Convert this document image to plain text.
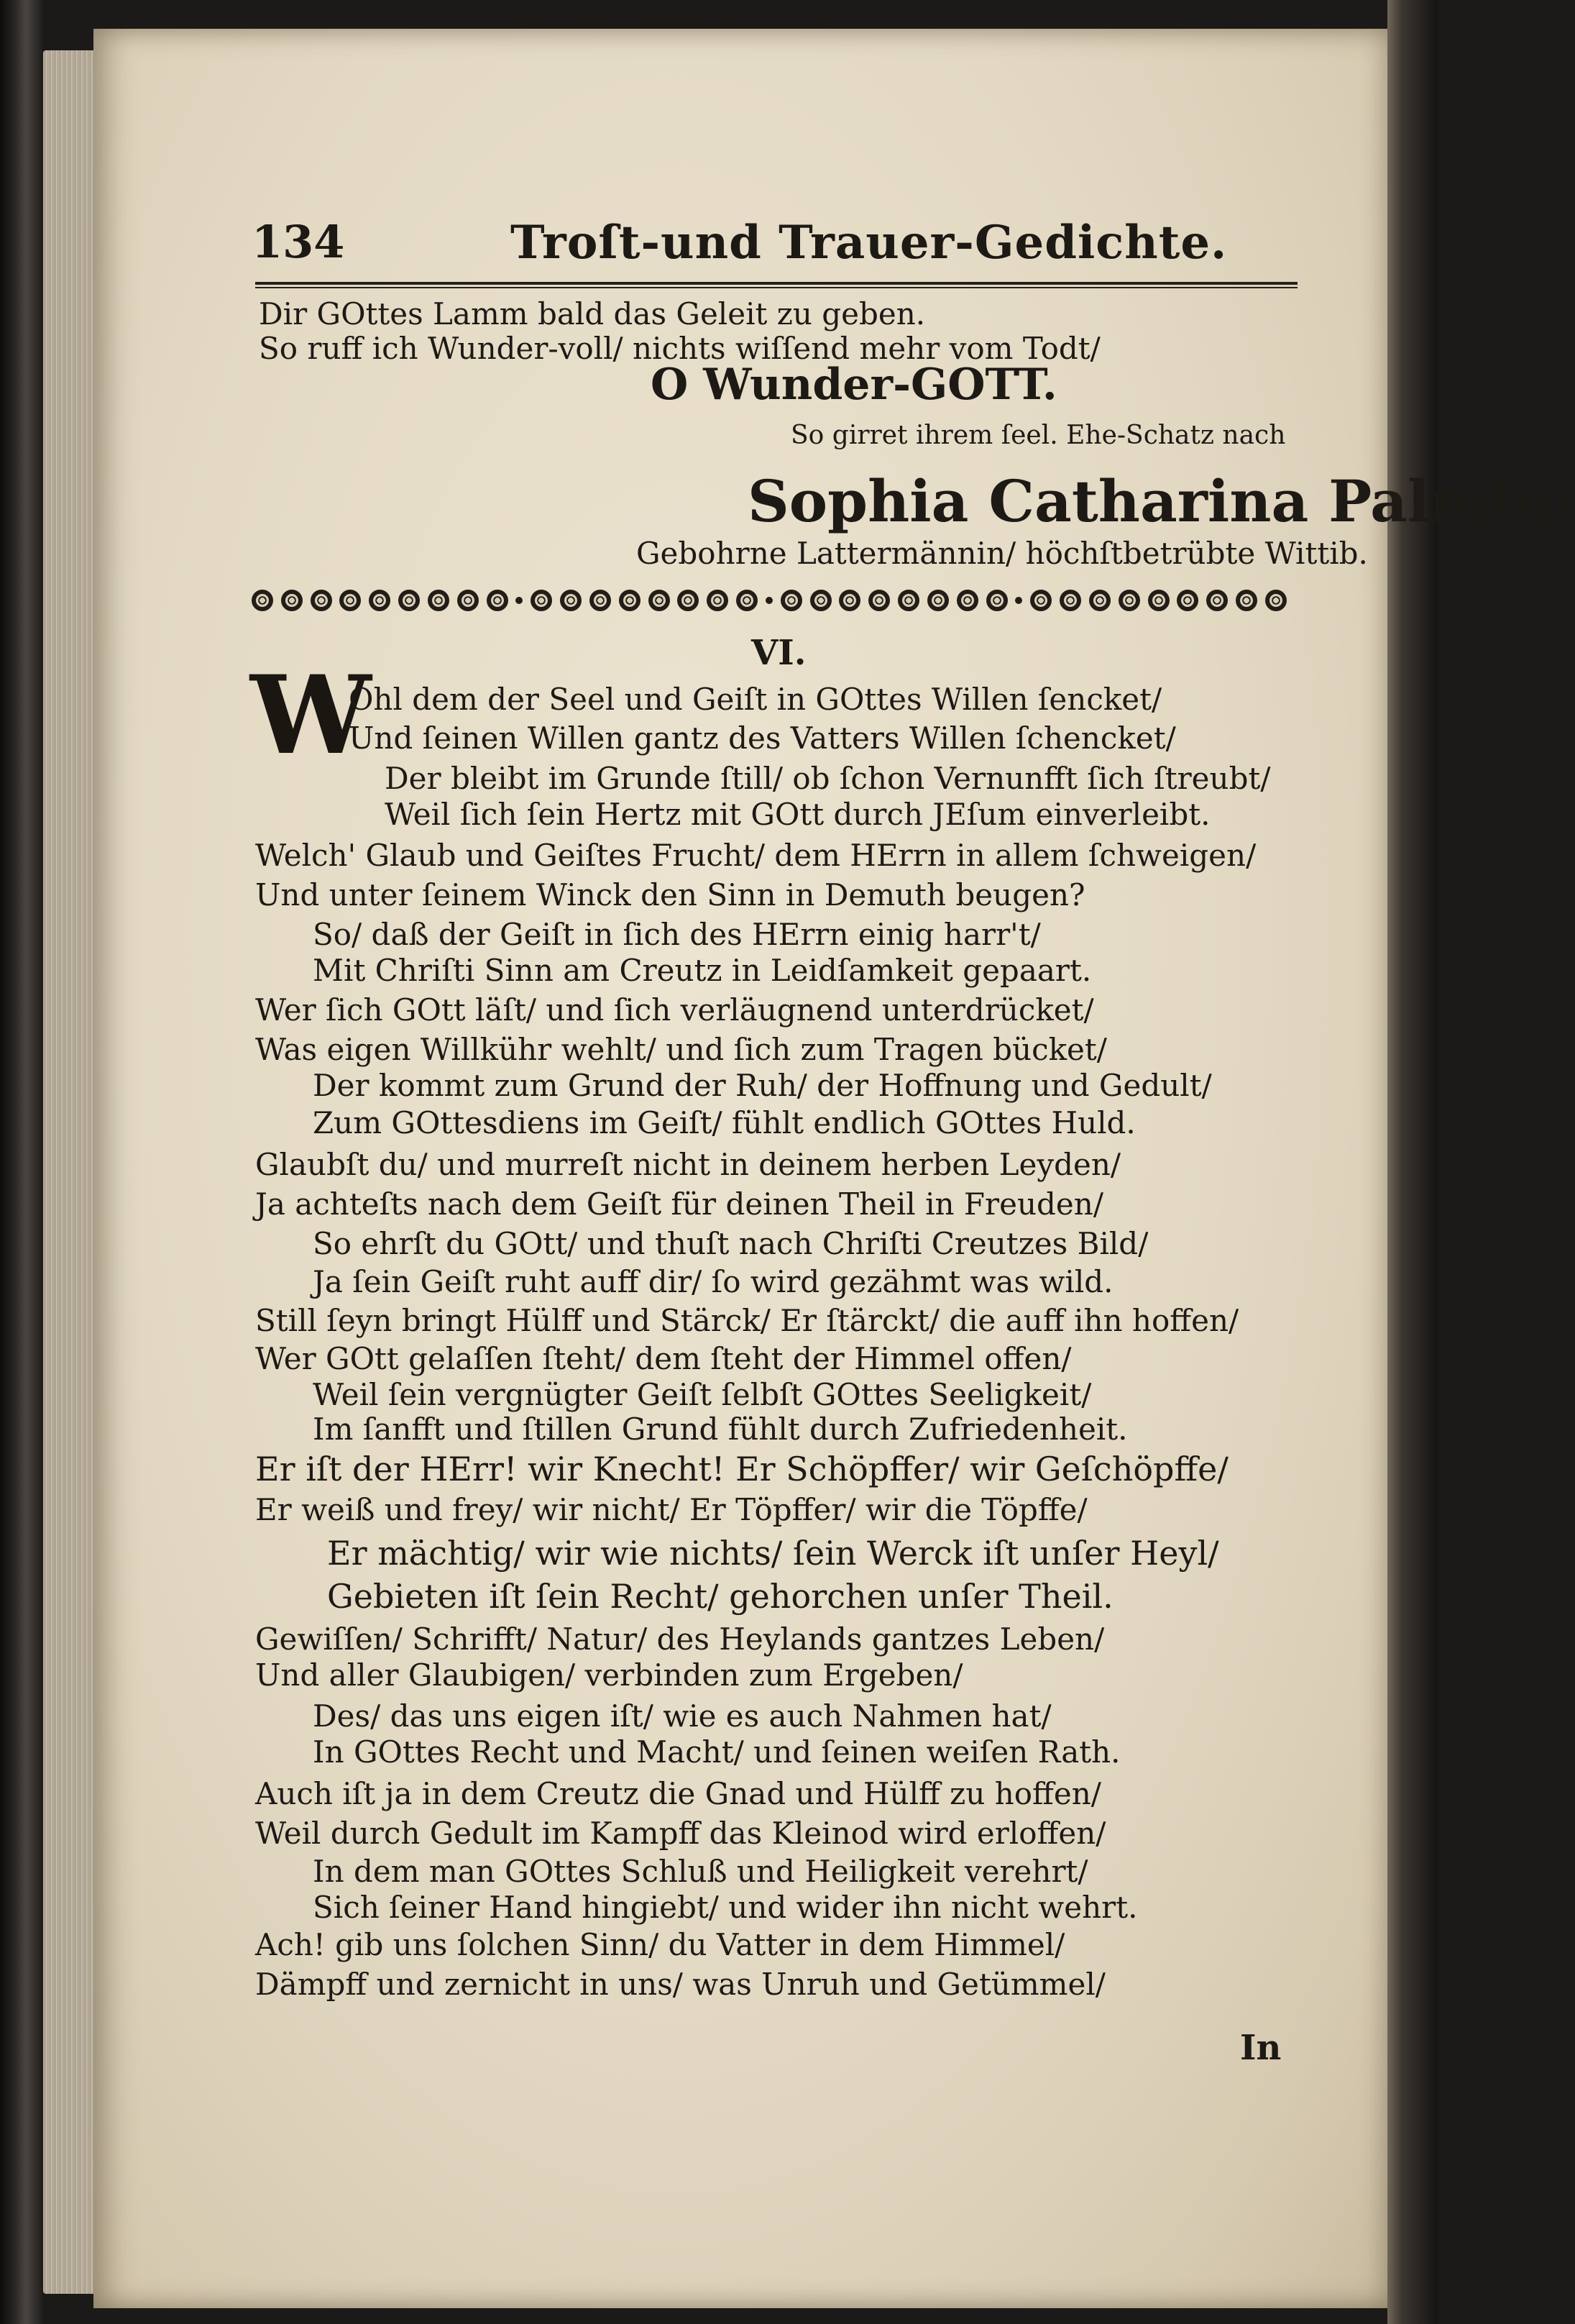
134	Troſt-und Trauer-Gedichte.
Dir GOttes Lamm bald das Geleit zu geben.
So ruff ich Wunder-voll/ nichts wiſſend mehr vom Todt/
O Wunder-GOTT.
So girret ihrem ſeel. Ehe-Schatz nach
Sophia Catharina Palmin/
Gebohrne Lattermännin/ höchſtbetrübte Wittib.
VI.
W
Ohl dem der Seel und Geiſt in GOttes Willen ſencket/
Und ſeinen Willen gantz des Vatters Willen ſchencket/
Der bleibt im Grunde ſtill/ ob ſchon Vernunfft ſich ſtreubt/
Weil ſich ſein Hertz mit GOtt durch JEſum einverleibt.
Welch' Glaub und Geiſtes Frucht/ dem HErrn in allem ſchweigen/
Und unter ſeinem Winck den Sinn in Demuth beugen?
So/ daß der Geiſt in ſich des HErrn einig harr't/
Mit Chriſti Sinn am Creutz in Leidſamkeit gepaart.
Wer ſich GOtt läſt/ und ſich verläugnend unterdrücket/
Was eigen Willkühr wehlt/ und ſich zum Tragen bücket/
Der kommt zum Grund der Ruh/ der Hoffnung und Gedult/
Zum GOttesdiens im Geiſt/ fühlt endlich GOttes Huld.
Glaubſt du/ und murreſt nicht in deinem herben Leyden/
Ja achteſts nach dem Geiſt für deinen Theil in Freuden/
So ehrſt du GOtt/ und thuſt nach Chriſti Creutzes Bild/
Ja ſein Geiſt ruht auff dir/ ſo wird gezähmt was wild.
Still ſeyn bringt Hülff und Stärck/ Er ſtärckt/ die auff ihn hoffen/
Wer GOtt gelaſſen ſteht/ dem ſteht der Himmel offen/
Weil ſein vergnügter Geiſt ſelbſt GOttes Seeligkeit/
Im ſanfft und ſtillen Grund fühlt durch Zufriedenheit.
Er iſt der HErr! wir Knecht! Er Schöpffer/ wir Geſchöpffe/
Er weiß und frey/ wir nicht/ Er Töpffer/ wir die Töpffe/
Er mächtig/ wir wie nichts/ ſein Werck iſt unſer Heyl/
Gebieten iſt ſein Recht/ gehorchen unſer Theil.
Gewiſſen/ Schrifft/ Natur/ des Heylands gantzes Leben/
Und aller Glaubigen/ verbinden zum Ergeben/
Des/ das uns eigen iſt/ wie es auch Nahmen hat/
In GOttes Recht und Macht/ und ſeinen weiſen Rath.
Auch iſt ja in dem Creutz die Gnad und Hülff zu hoffen/
Weil durch Gedult im Kampff das Kleinod wird erloffen/
In dem man GOttes Schluß und Heiligkeit verehrt/
Sich ſeiner Hand hingiebt/ und wider ihn nicht wehrt.
Ach! gib uns ſolchen Sinn/ du Vatter in dem Himmel/
Dämpff und zernicht in uns/ was Unruh und Getümmel/
In
